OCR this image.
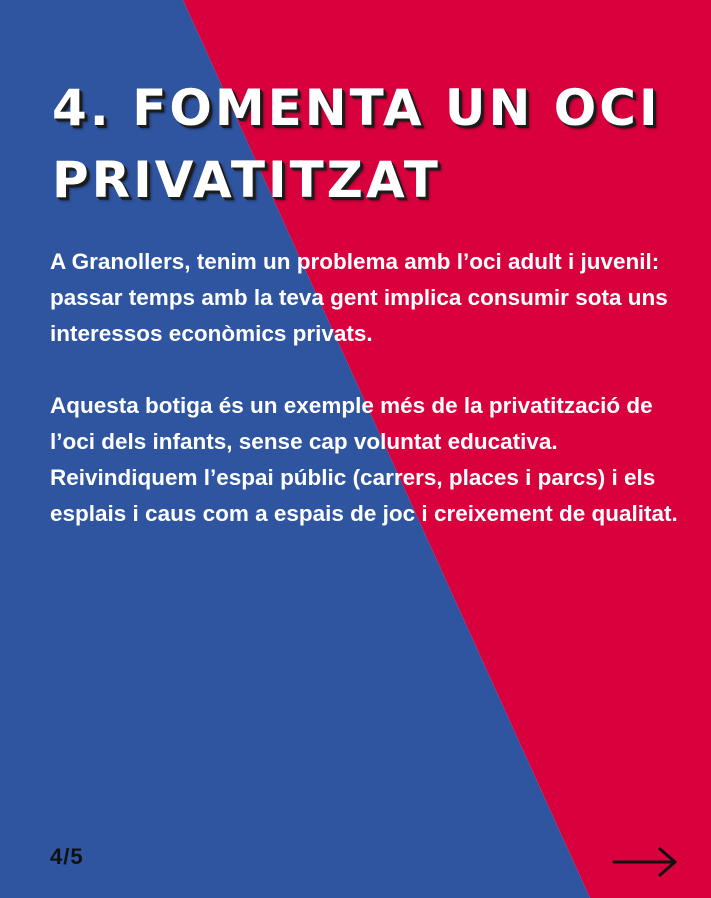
4. FOMENTA UN OCI
PRIVATITZAT

A Granollers, tenim un problema amb l’oci adult i juvenil: passar temps amb la teva gent implica consumir sota uns interessos econòmics privats.

Aquesta botiga és un exemple més de la privatització de l’oci dels infants, sense cap voluntat educativa. Reivindiquem l’espai públic (carrers, places i parcs) i els esplais i caus com a espais de joc i creixement de qualitat.

4/5
